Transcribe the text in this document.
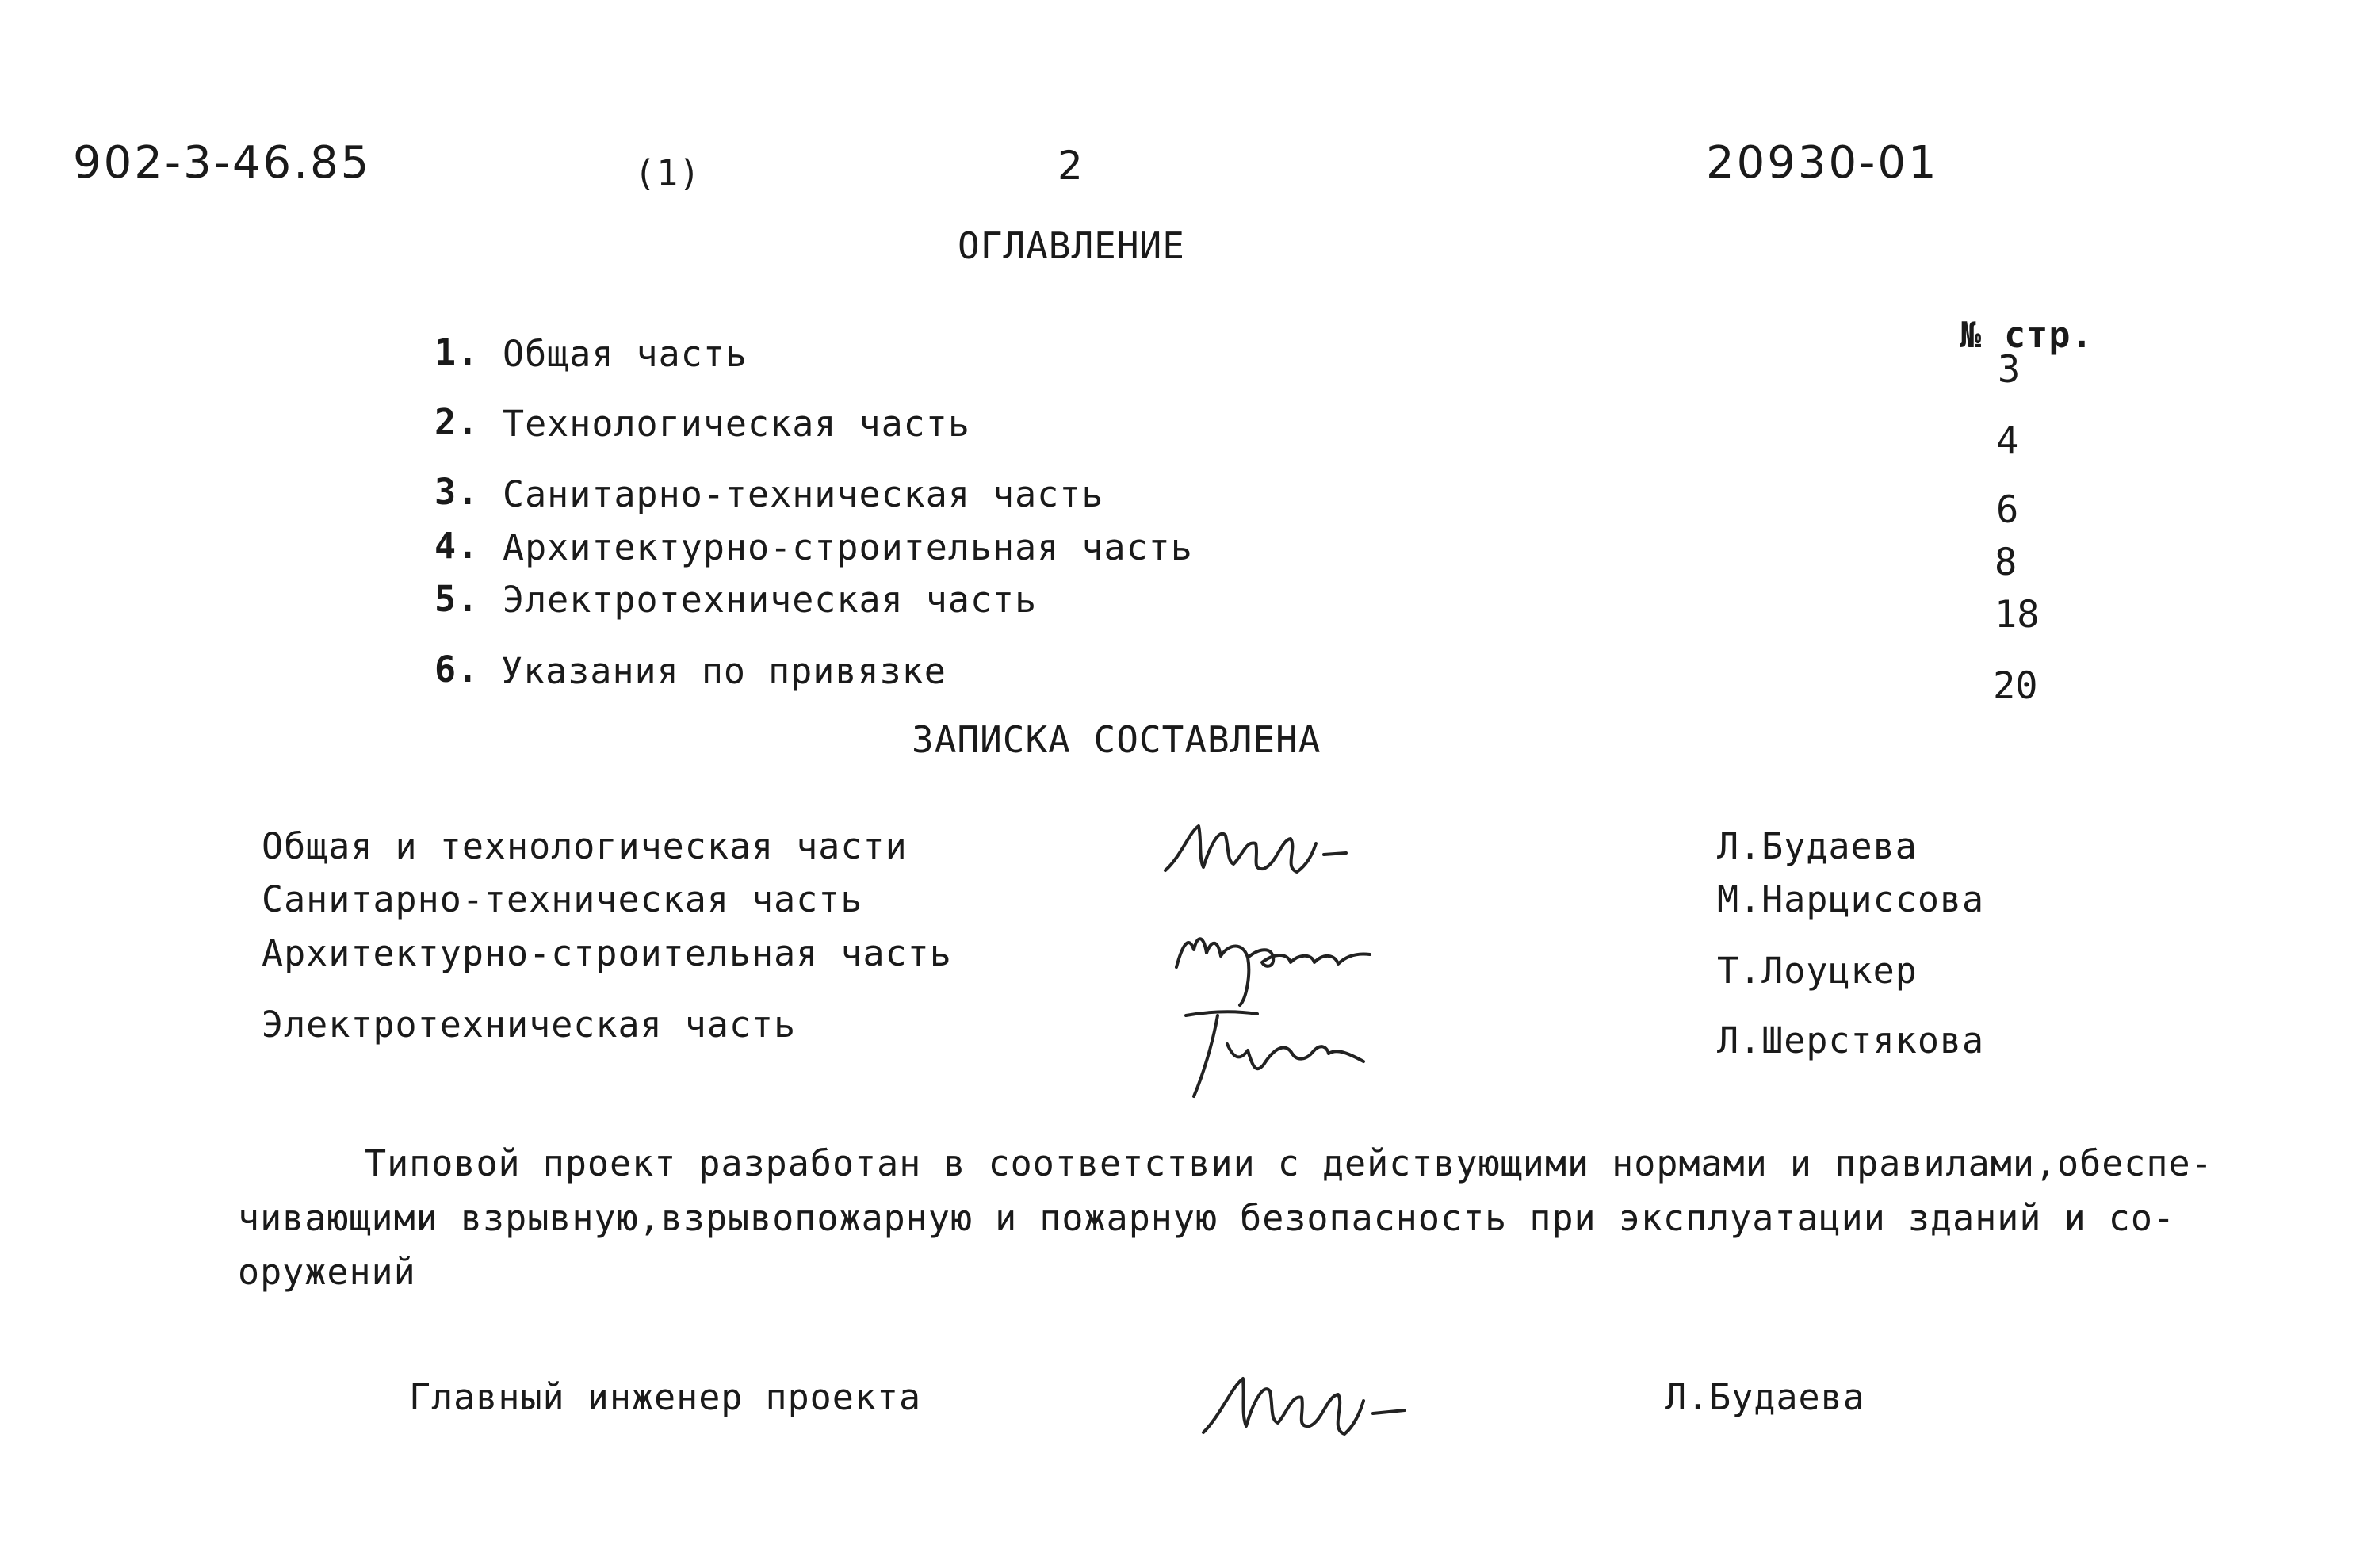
902-3-46.85	(1)	2	20930-01
ОГЛАВЛЕНИЕ
№ стр.
1. Общая часть	3
2. Технологическая часть	4
3. Санитарно-техническая часть	6
4. Архитектурно-строительная часть	8
5. Электротехническая часть	18
6. Указания по привязке	20
ЗАПИСКА СОСТАВЛЕНА
Общая и технологическая части	Л.Будаева
Санитарно-техническая часть	М.Нарциссова
Архитектурно-строительная часть	Т.Лоуцкер
Электротехническая часть	Л.Шерстякова
Типовой проект разработан в соответствии с действующими нормами и правилами,обеспе-
чивающими взрывную,взрывопожарную и пожарную безопасность при эксплуатации зданий и со-
оружений
Главный инженер проекта	Л.Будаева
